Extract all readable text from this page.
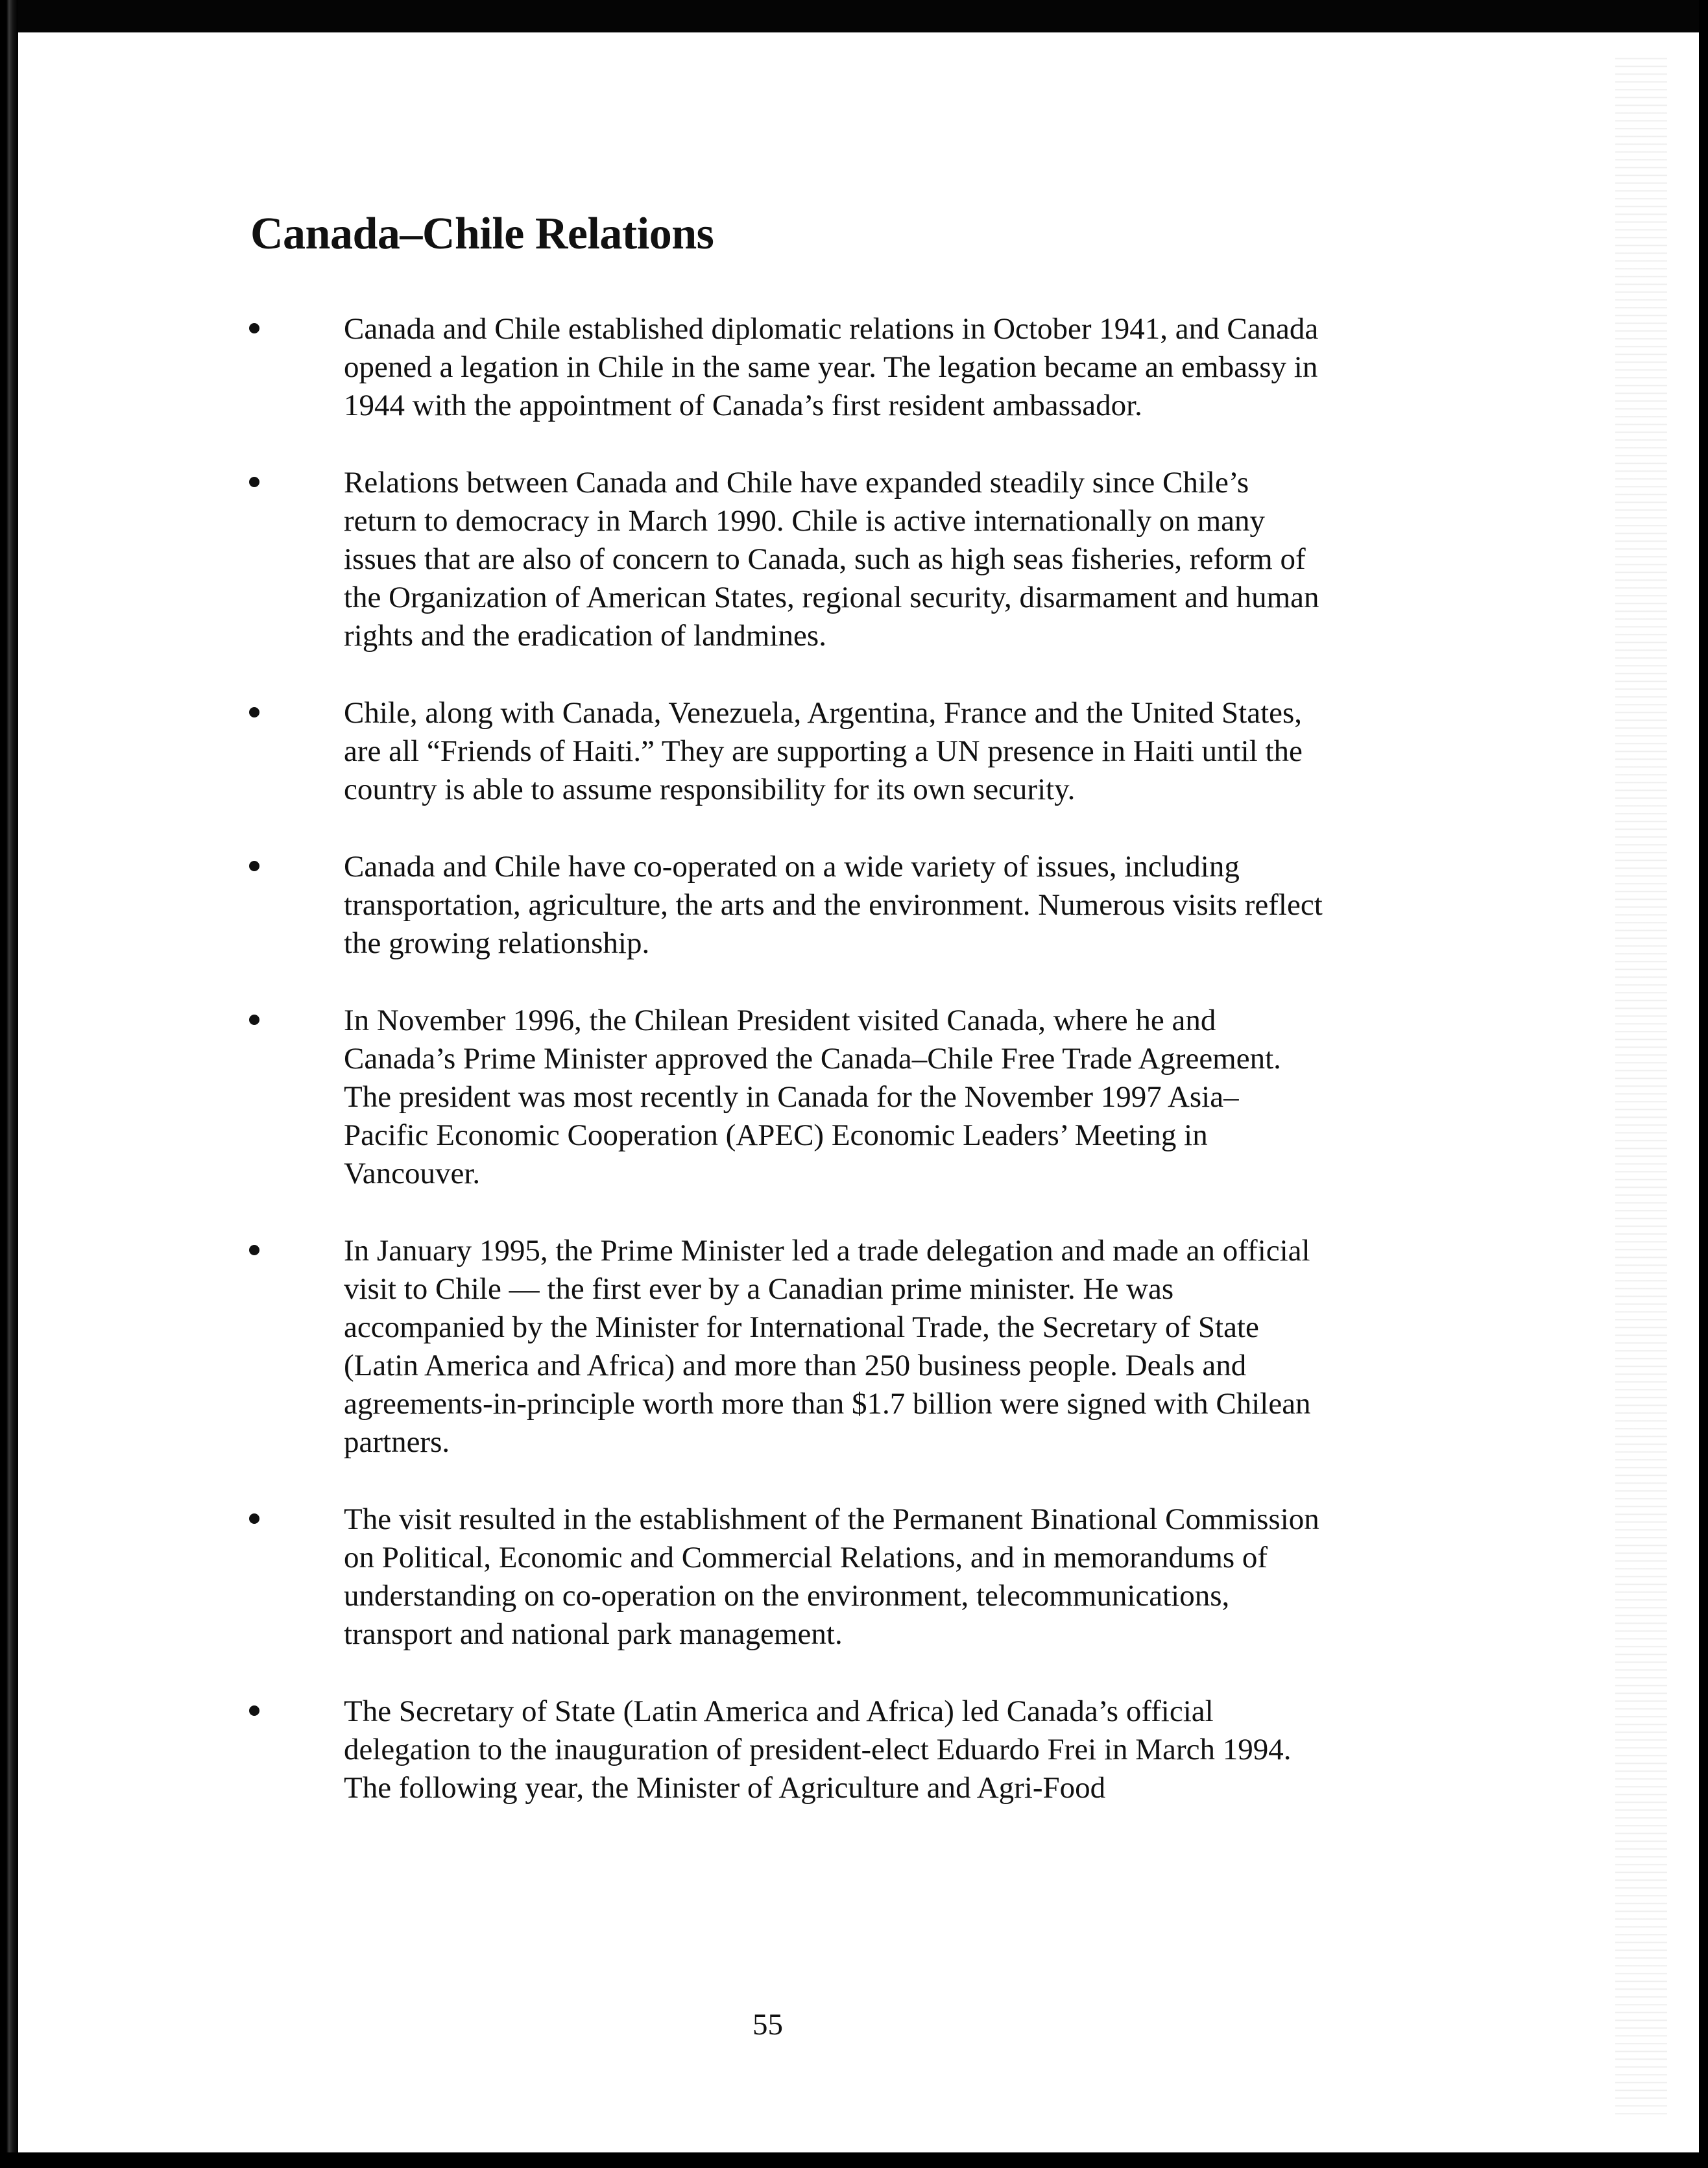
Canada–Chile Relations
Canada and Chile established diplomatic relations in October 1941, and Canada opened a legation in Chile in the same year. The legation became an embassy in 1944 with the appointment of Canada’s first resident ambassador.
Relations between Canada and Chile have expanded steadily since Chile’s return to democracy in March 1990. Chile is active internationally on many issues that are also of concern to Canada, such as high seas fisheries, reform of the Organization of American States, regional security, disarmament and human rights and the eradication of landmines.
Chile, along with Canada, Venezuela, Argentina, France and the United States, are all “Friends of Haiti.” They are supporting a UN presence in Haiti until the country is able to assume responsibility for its own security.
Canada and Chile have co-operated on a wide variety of issues, including transportation, agriculture, the arts and the environment. Numerous visits reflect the growing relationship.
In November 1996, the Chilean President visited Canada, where he and Canada’s Prime Minister approved the Canada–Chile Free Trade Agreement. The president was most recently in Canada for the November 1997 Asia–Pacific Economic Cooperation (APEC) Economic Leaders’ Meeting in Vancouver.
In January 1995, the Prime Minister led a trade delegation and made an official visit to Chile — the first ever by a Canadian prime minister. He was accompanied by the Minister for International Trade, the Secretary of State (Latin America and Africa) and more than 250 business people. Deals and agreements-in-principle worth more than $1.7 billion were signed with Chilean partners.
The visit resulted in the establishment of the Permanent Binational Commission on Political, Economic and Commercial Relations, and in memorandums of understanding on co-operation on the environment, telecommunications, transport and national park management.
The Secretary of State (Latin America and Africa) led Canada’s official delegation to the inauguration of president-elect Eduardo Frei in March 1994. The following year, the Minister of Agriculture and Agri-Food
55
